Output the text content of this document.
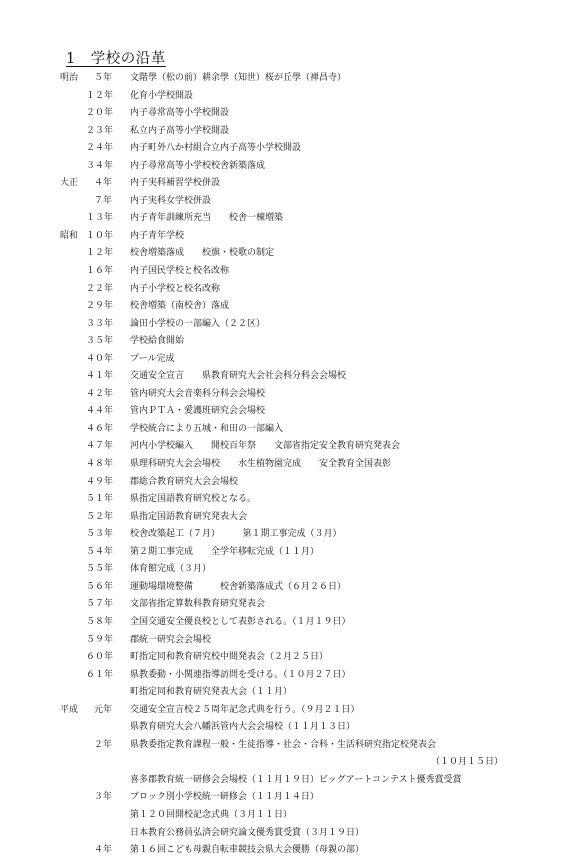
1　学校の沿革
明治	５年 文階學（松の前）耕余學（知世）桜が丘學（禅昌寺）
１２年 化育小学校開設
２０年 内子尋常高等小学校開設
２３年 私立内子高等小学校開設
２４年 内子町外八か村組合立内子高等小学校開設
３４年 内子尋常高等小学校校舎新築落成
大正	４年 内子実科補習学校併設
７年 内子実科女学校併設
１３年 内子青年訓練所充当　　校舎一棟増築
昭和 １０年 内子青年学校
１２年 校舎増築落成　　校旗・校歌の制定
１６年 内子国民学校と校名改称
２２年 内子小学校と校名改称
２９年 校舎増築（南校舎）落成
３３年 論田小学校の一部編入（２２区）
３５年 学校給食開始
４０年 プール完成
４１年 交通安全宣言　　県教育研究大会社会科分科会会場校
４２年 管内研究大会音楽科分科会会場校
４４年 管内ＰＴＡ・愛護班研究会会場校
４６年 学校統合により五城・和田の一部編入
４７年 河内小学校編入　　開校百年祭　　文部省指定安全教育研究発表会
４８年 県理科研究大会会場校　　水生植物園完成　　安全教育全国表彰
４９年 郡総合教育研究大会会場校
５１年 県指定国語教育研究校となる。
５２年 県指定国語教育研究発表大会
５３年 校舎改築起工（７月）　　　第１期工事完成（３月）
５４年 第２期工事完成　　全学年移転完成（１１月）
５５年 体育館完成（３月）
５６年 運動場環境整備　　　校舎新築落成式（６月２６日）
５７年 文部省指定算数科教育研究発表会
５８年 全国交通安全優良校として表彰される。（１月１９日）
５９年 郡統一研究会会場校
６０年 町指定同和教育研究校中間発表会（２月２５日）
６１年 県教委動・小関連指導訪問を受ける。（１０月２７日）
町指定同和教育研究発表大会（１１月）
平成	元年 交通安全宣言校２５周年記念式典を行う。（９月２１日）
県教育研究大会八幡浜管内大会会場校（１１月１３日）
２年 県教委指定教育課程一般・生徒指導・社会・合科・生活科研究指定校発表会
（１０月１５日）
喜多郡教育統一研修会会場校（１１月１９日）ビッグアートコンテスト優秀賞受賞
３年 ブロック別小学校統一研修会（１１月１４日）
第１２０回開校記念式典（３月１１日）
日本教育公務員弘済会研究論文優秀賞受賞（３月１９日）
４年 第１６回こども母親自転車競技会県大会優勝（母親の部）
